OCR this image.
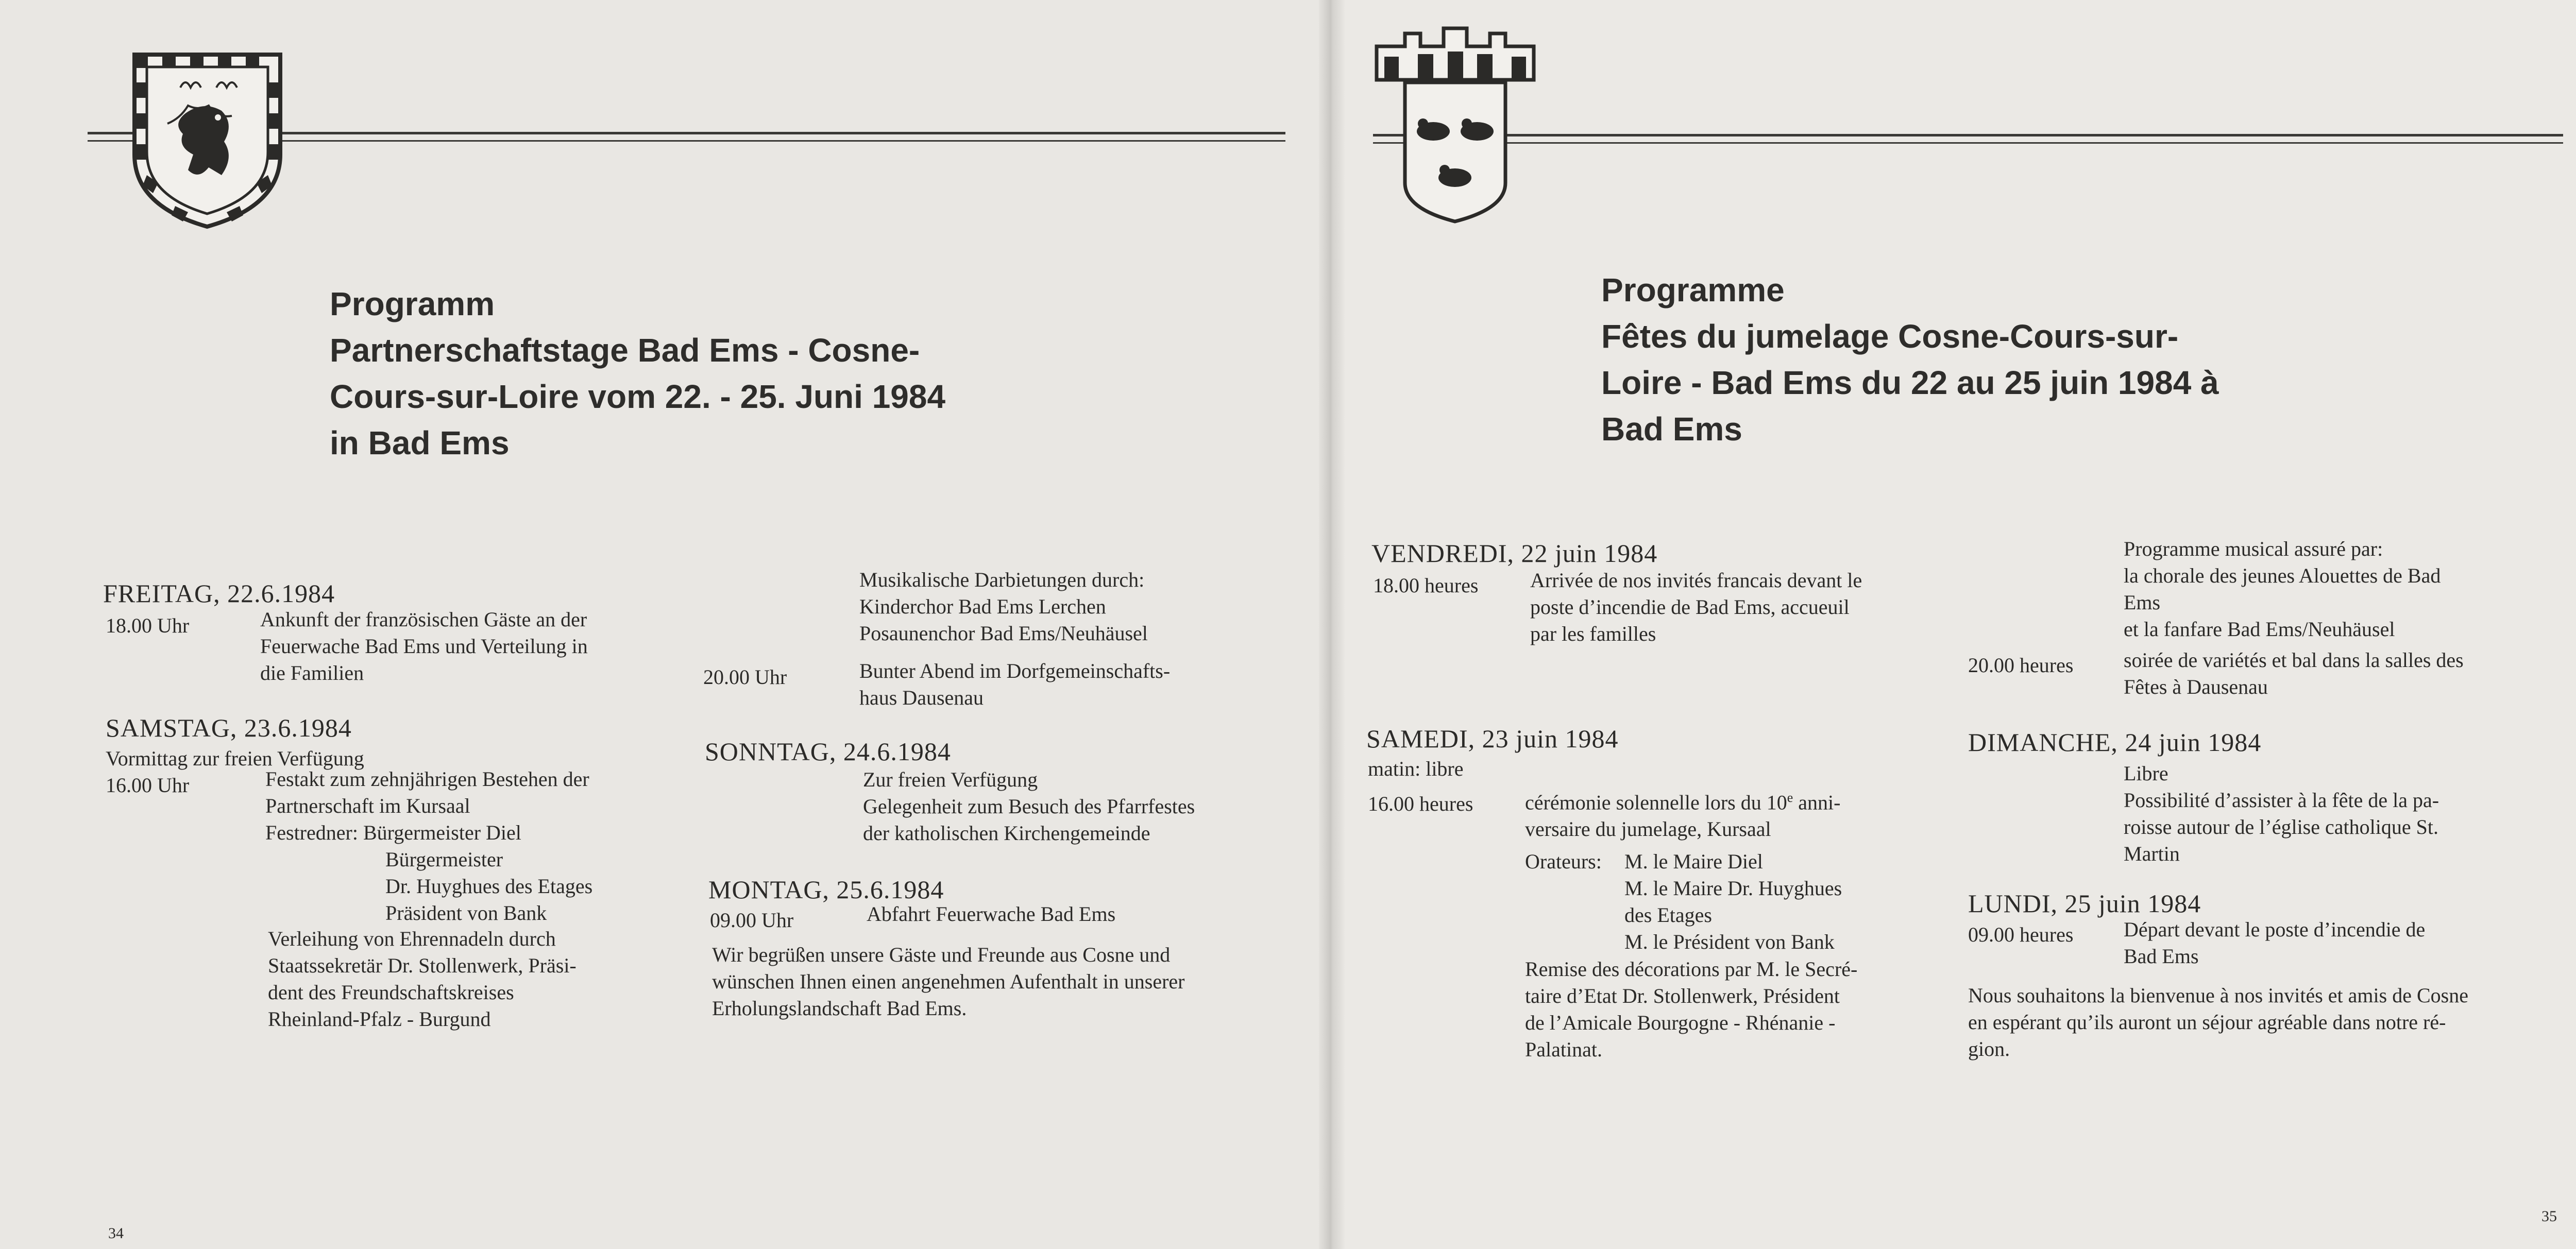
Programm
Partnerschaftstage Bad Ems - Cosne-
Cours-sur-Loire vom 22. - 25. Juni 1984
in Bad Ems
FREITAG, 22.6.1984
18.00 Uhr	Ankunft der französischen Gäste an der
Feuerwache Bad Ems und Verteilung in
die Familien
SAMSTAG, 23.6.1984
Vormittag zur freien Verfügung
16.00 Uhr	Festakt zum zehnjährigen Bestehen der
Partnerschaft im Kursaal
Festredner: Bürgermeister Diel
Bürgermeister
Dr. Huyghues des Etages
Präsident von Bank
Verleihung von Ehrennadeln durch
Staatssekretär Dr. Stollenwerk, Präsi-
dent des Freundschaftskreises
Rheinland-Pfalz - Burgund
Musikalische Darbietungen durch:
Kinderchor Bad Ems Lerchen
Posaunenchor Bad Ems/Neuhäusel
20.00 Uhr	Bunter Abend im Dorfgemeinschafts-
haus Dausenau
SONNTAG, 24.6.1984
Zur freien Verfügung
Gelegenheit zum Besuch des Pfarrfestes
der katholischen Kirchengemeinde
MONTAG, 25.6.1984
09.00 Uhr	Abfahrt Feuerwache Bad Ems
Wir begrüßen unsere Gäste und Freunde aus Cosne und
wünschen Ihnen einen angenehmen Aufenthalt in unserer
Erholungslandschaft Bad Ems.
34
Programme
Fêtes du jumelage Cosne-Cours-sur-
Loire - Bad Ems du 22 au 25 juin 1984 à
Bad Ems
VENDREDI, 22 juin 1984
18.00 heures	Arrivée de nos invités francais devant le
poste d’incendie de Bad Ems, accueuil
par les familles
SAMEDI, 23 juin 1984
matin: libre
16.00 heures	cérémonie solennelle lors du 10e anni-
versaire du jumelage, Kursaal
Orateurs: M. le Maire Diel
M. le Maire Dr. Huyghues
des Etages
M. le Président von Bank
Remise des décorations par M. le Secré-
taire d’Etat Dr. Stollenwerk, Président
de l’Amicale Bourgogne - Rhénanie -
Palatinat.
Programme musical assuré par:
la chorale des jeunes Alouettes de Bad
Ems
et la fanfare Bad Ems/Neuhäusel
20.00 heures soirée de variétés et bal dans la salles des
Fêtes à Dausenau
DIMANCHE, 24 juin 1984
Libre
Possibilité d’assister à la fête de la pa-
roisse autour de l’église catholique St.
Martin
LUNDI, 25 juin 1984
09.00 heures Départ devant le poste d’incendie de
Bad Ems
Nous souhaitons la bienvenue à nos invités et amis de Cosne
en espérant qu’ils auront un séjour agréable dans notre ré-
gion.
35
